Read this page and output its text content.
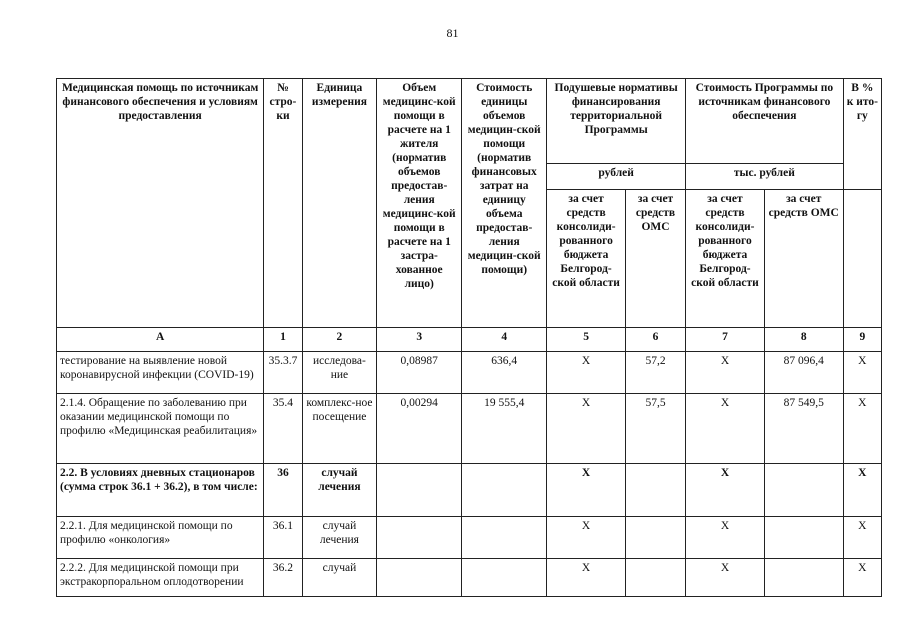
81
Медицинская помощь по источникам финансового обеспечения и условиям предоставления	№ стро-ки	Единица измерения	Объем медицинс-кой помощи в расчете на 1 жителя (норматив объемов предостав-ления медицинс-кой помощи в расчете на 1 застра-хованное лицо)	Стоимость единицы объемов медицин-ской помощи (норматив финансовых затрат на единицу объема предостав-ления медицин-ской помощи)	Подушевые нормативы финансирования территориальной Программы		Стоимость Программы по источникам финансового обеспечения		В % к ито-гу
					рублей		тыс. рублей		
					за счет средств консолиди-рованного бюджета Белгород-ской области	за счет средств ОМС	за счет средств консолиди-рованного бюджета Белгород-ской области	за счет средств ОМС	
А	1	2	3	4	5	6	7	8	9
тестирование на выявление новой коронавирусной инфекции (COVID-19)	35.3.7	исследова-ние	0,08987	636,4	Х	57,2	Х	87 096,4	Х
2.1.4. Обращение по заболеванию при оказании медицинской помощи по профилю «Медицинская реабилитация»	35.4	комплекс-ное посещение	0,00294	19 555,4	Х	57,5	Х	87 549,5	Х
2.2. В условиях дневных стационаров (сумма строк 36.1 + 36.2), в том числе:	36	случай лечения			Х		Х		Х
2.2.1. Для медицинской помощи по профилю «онкология»	36.1	случай лечения			Х		Х		Х
2.2.2. Для медицинской помощи при экстракорпоральном оплодотворении	36.2	случай			Х		Х		Х
